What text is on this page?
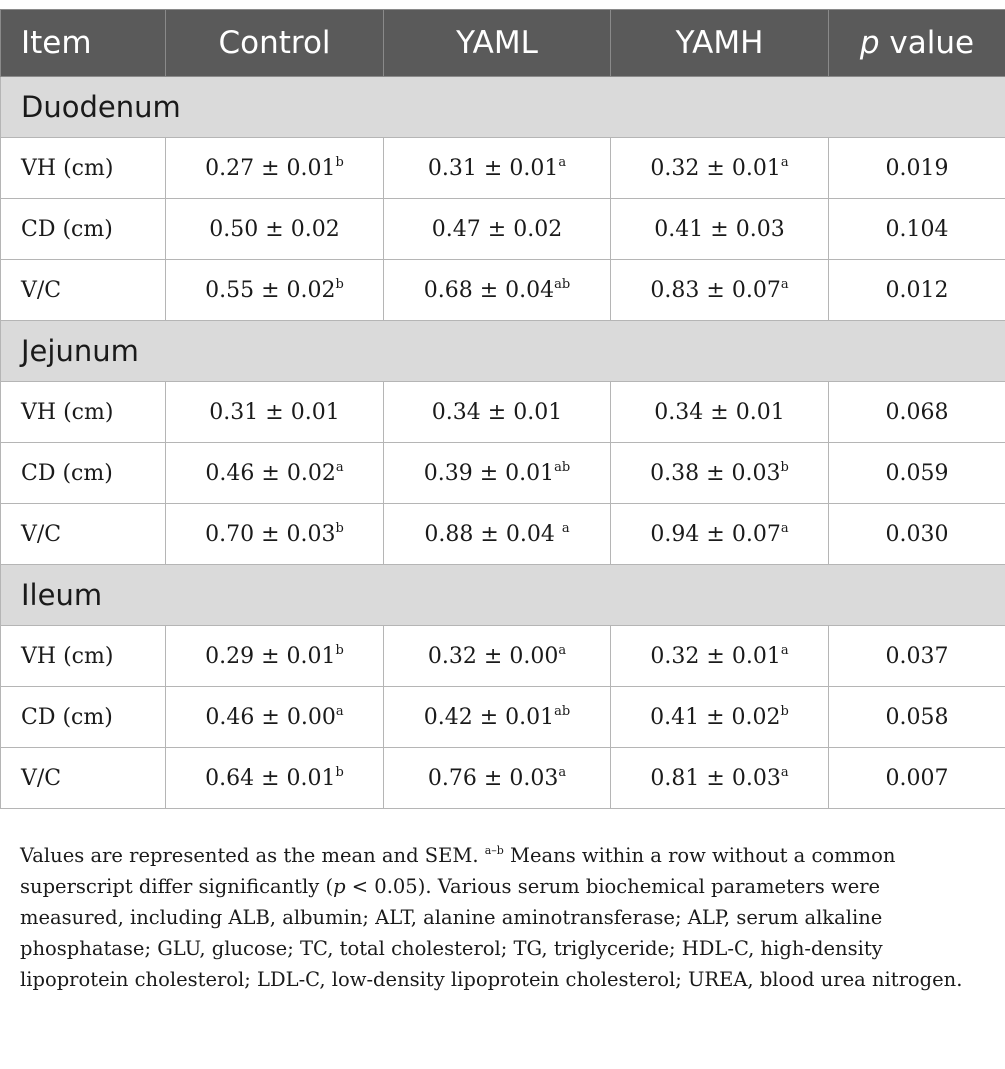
Item	Control	YAML	YAMH	p value
Duodenum				
VH (cm)	0.27 ± 0.01$^b$	0.31 ± 0.01$^a$	0.32 ± 0.01$^a$	0.019
CD (cm)	0.50 ± 0.02	0.47 ± 0.02	0.41 ± 0.03	0.104
V/C	0.55 ± 0.02$^b$	0.68 ± 0.04$^{ab}$	0.83 ± 0.07$^a$	0.012
Jejunum				
VH (cm)	0.31 ± 0.01	0.34 ± 0.01	0.34 ± 0.01	0.068
CD (cm)	0.46 ± 0.02$^a$	0.39 ± 0.01$^{ab}$	0.38 ± 0.03$^b$	0.059
V/C	0.70 ± 0.03$^b$	0.88 ± 0.04 $^a$	0.94 ± 0.07$^a$	0.030
Ileum				
VH (cm)	0.29 ± 0.01$^b$	0.32 ± 0.00$^a$	0.32 ± 0.01$^a$	0.037
CD (cm)	0.46 ± 0.00$^a$	0.42 ± 0.01$^{ab}$	0.41 ± 0.02$^b$	0.058
V/C	0.64 ± 0.01$^b$	0.76 ± 0.03$^a$	0.81 ± 0.03$^a$	0.007
Values are represented as the mean and SEM. $^{a-b}$ Means within a row without a common superscript differ significantly (p < 0.05). Various serum biochemical parameters were measured, including ALB, albumin; ALT, alanine aminotransferase; ALP, serum alkaline phosphatase; GLU, glucose; TC, total cholesterol; TG, triglyceride; HDL-C, high-density lipoprotein cholesterol; LDL-C, low-density lipoprotein cholesterol; UREA, blood urea nitrogen.
